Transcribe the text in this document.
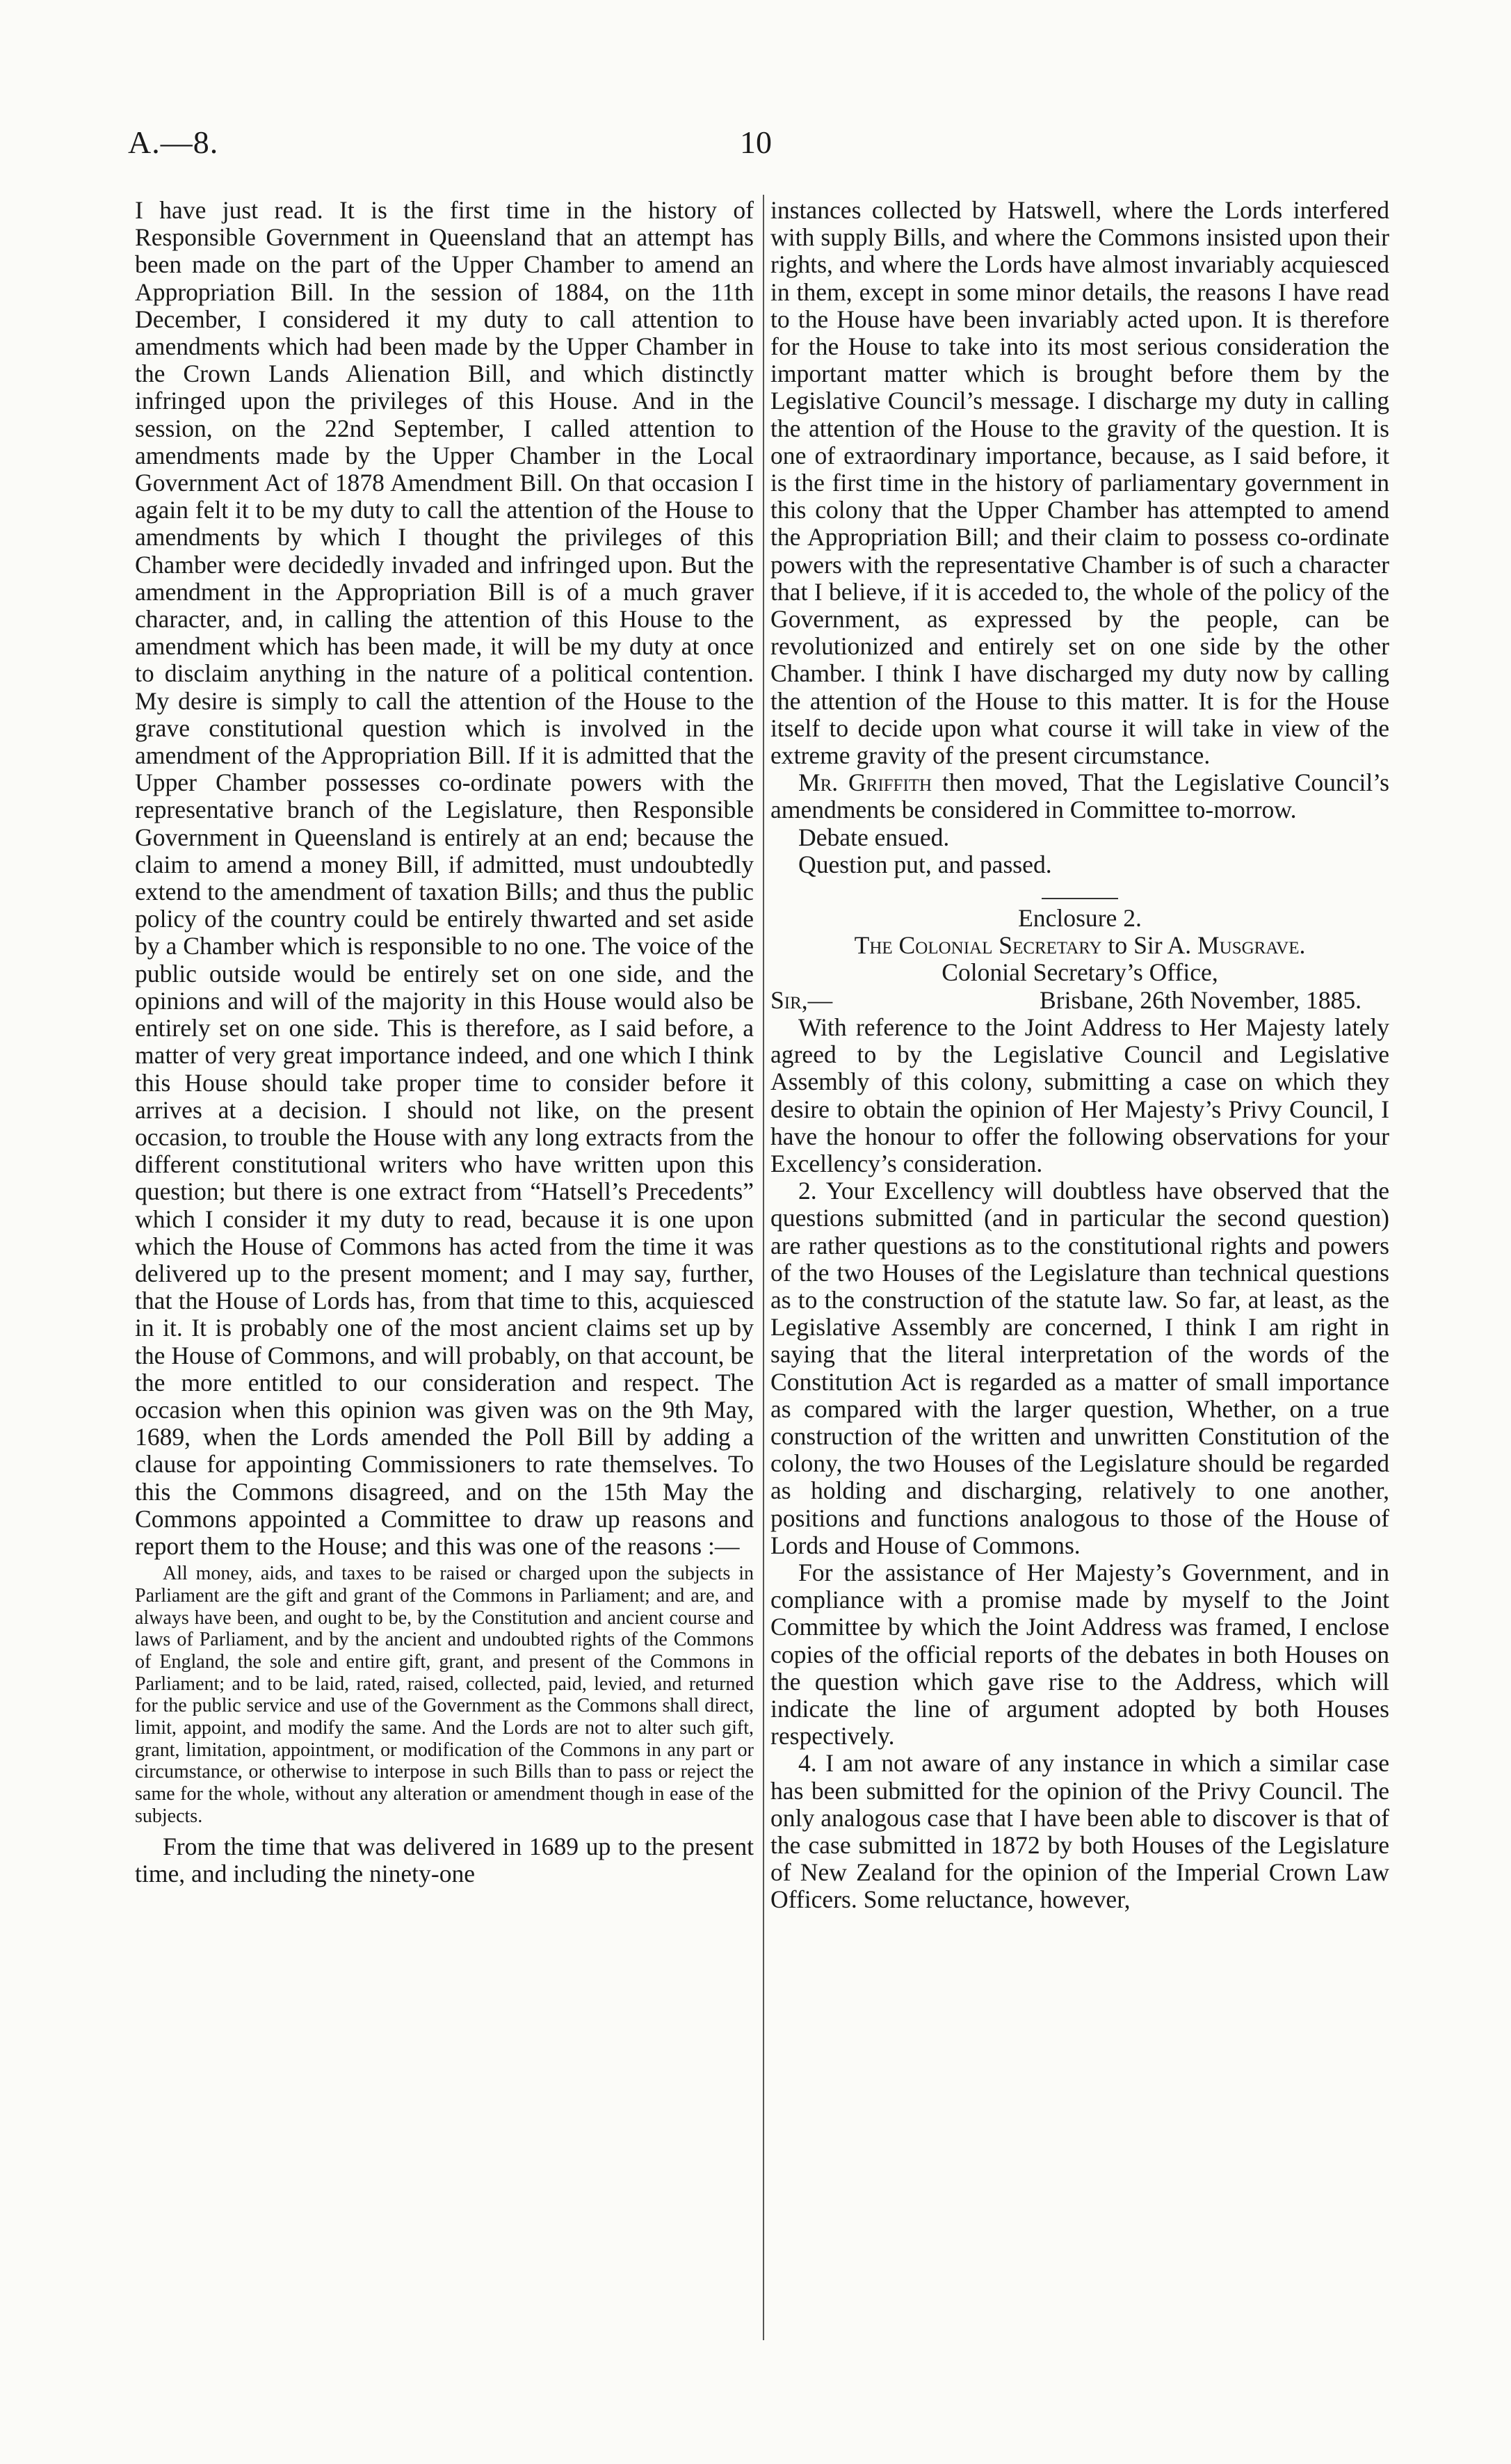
A.—8.	10

I have just read. It is the first time in the history of Responsible Government in Queensland that an attempt has been made on the part of the Upper Chamber to amend an Appropriation Bill. In the session of 1884, on the 11th December, I considered it my duty to call attention to amendments which had been made by the Upper Chamber in the Crown Lands Alienation Bill, and which distinctly infringed upon the privileges of this House. And in the session, on the 22nd September, I called attention to amendments made by the Upper Chamber in the Local Government Act of 1878 Amendment Bill. On that occasion I again felt it to be my duty to call the attention of the House to amendments by which I thought the privileges of this Chamber were decidedly invaded and infringed upon. But the amendment in the Appropriation Bill is of a much graver character, and, in calling the attention of this House to the amendment which has been made, it will be my duty at once to disclaim anything in the nature of a political contention. My desire is simply to call the attention of the House to the grave constitutional question which is involved in the amendment of the Appropriation Bill. If it is admitted that the Upper Chamber possesses co-ordinate powers with the representative branch of the Legislature, then Responsible Government in Queensland is entirely at an end; because the claim to amend a money Bill, if admitted, must undoubtedly extend to the amendment of taxation Bills; and thus the public policy of the country could be entirely thwarted and set aside by a Chamber which is responsible to no one. The voice of the public outside would be entirely set on one side, and the opinions and will of the majority in this House would also be entirely set on one side. This is therefore, as I said before, a matter of very great importance indeed, and one which I think this House should take proper time to consider before it arrives at a decision. I should not like, on the present occasion, to trouble the House with any long extracts from the different constitutional writers who have written upon this question; but there is one extract from “Hatsell’s Precedents” which I consider it my duty to read, because it is one upon which the House of Commons has acted from the time it was delivered up to the present moment; and I may say, further, that the House of Lords has, from that time to this, acquiesced in it. It is probably one of the most ancient claims set up by the House of Commons, and will probably, on that account, be the more entitled to our consideration and respect. The occasion when this opinion was given was on the 9th May, 1689, when the Lords amended the Poll Bill by adding a clause for appointing Commissioners to rate themselves. To this the Commons disagreed, and on the 15th May the Commons appointed a Committee to draw up reasons and report them to the House; and this was one of the reasons :—

All money, aids, and taxes to be raised or charged upon the subjects in Parliament are the gift and grant of the Commons in Parliament; and are, and always have been, and ought to be, by the Constitution and ancient course and laws of Parliament, and by the ancient and undoubted rights of the Commons of England, the sole and entire gift, grant, and present of the Commons in Parliament; and to be laid, rated, raised, collected, paid, levied, and returned for the public service and use of the Government as the Commons shall direct, limit, appoint, and modify the same. And the Lords are not to alter such gift, grant, limitation, appointment, or modification of the Commons in any part or circumstance, or otherwise to interpose in such Bills than to pass or reject the same for the whole, without any alteration or amendment though in ease of the subjects.

From the time that was delivered in 1689 up to the present time, and including the ninety-one

instances collected by Hatswell, where the Lords interfered with supply Bills, and where the Commons insisted upon their rights, and where the Lords have almost invariably acquiesced in them, except in some minor details, the reasons I have read to the House have been invariably acted upon. It is therefore for the House to take into its most serious consideration the important matter which is brought before them by the Legislative Council’s message. I discharge my duty in calling the attention of the House to the gravity of the question. It is one of extraordinary importance, because, as I said before, it is the first time in the history of parliamentary government in this colony that the Upper Chamber has attempted to amend the Appropriation Bill; and their claim to possess co-ordinate powers with the representative Chamber is of such a character that I believe, if it is acceded to, the whole of the policy of the Government, as expressed by the people, can be revolutionized and entirely set on one side by the other Chamber. I think I have discharged my duty now by calling the attention of the House to this matter. It is for the House itself to decide upon what course it will take in view of the extreme gravity of the present circumstance.

Mr. Griffith then moved, That the Legislative Council’s amendments be considered in Committee to-morrow.

Debate ensued.

Question put, and passed.

Enclosure 2.

The Colonial Secretary to Sir A. Musgrave.

Colonial Secretary’s Office,

Sir,—	Brisbane, 26th November, 1885.

With reference to the Joint Address to Her Majesty lately agreed to by the Legislative Council and Legislative Assembly of this colony, submitting a case on which they desire to obtain the opinion of Her Majesty’s Privy Council, I have the honour to offer the following observations for your Excellency’s consideration.

2. Your Excellency will doubtless have observed that the questions submitted (and in particular the second question) are rather questions as to the constitutional rights and powers of the two Houses of the Legislature than technical questions as to the construction of the statute law. So far, at least, as the Legislative Assembly are concerned, I think I am right in saying that the literal interpretation of the words of the Constitution Act is regarded as a matter of small importance as compared with the larger question, Whether, on a true construction of the written and unwritten Constitution of the colony, the two Houses of the Legislature should be regarded as holding and discharging, relatively to one another, positions and functions analogous to those of the House of Lords and House of Commons.

For the assistance of Her Majesty’s Government, and in compliance with a promise made by myself to the Joint Committee by which the Joint Address was framed, I enclose copies of the official reports of the debates in both Houses on the question which gave rise to the Address, which will indicate the line of argument adopted by both Houses respectively.

4. I am not aware of any instance in which a similar case has been submitted for the opinion of the Privy Council. The only analogous case that I have been able to discover is that of the case submitted in 1872 by both Houses of the Legislature of New Zealand for the opinion of the Imperial Crown Law Officers. Some reluctance, however,
